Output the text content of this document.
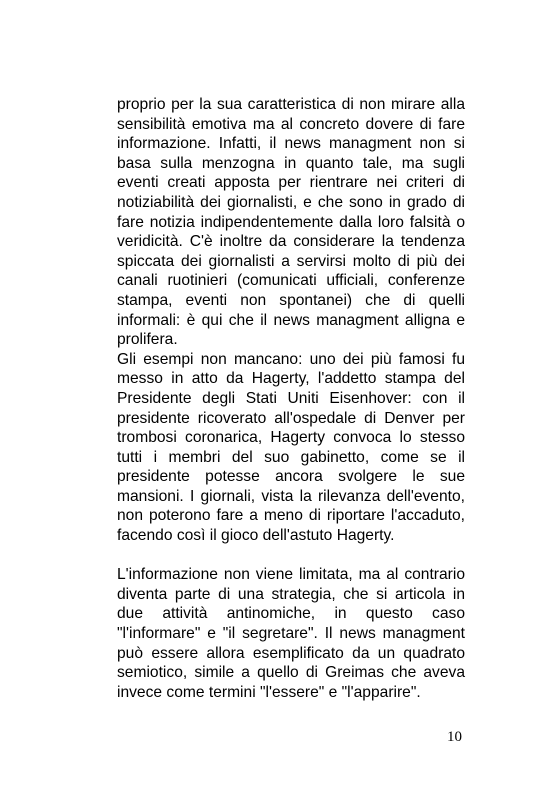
proprio per la sua caratteristica di non mirare alla sensibilità emotiva ma al concreto dovere di fare informazione. Infatti, il news managment non si basa sulla menzogna in quanto tale, ma sugli eventi creati apposta per rientrare nei criteri di notiziabilità dei giornalisti, e che sono in grado di fare notizia indipendentemente dalla loro falsità o veridicità. C'è inoltre da considerare la tendenza spiccata dei giornalisti a servirsi molto di più dei canali ruotinieri (comunicati ufficiali, conferenze stampa, eventi non spontanei) che di quelli informali: è qui che il news managment alligna e prolifera.

Gli esempi non mancano: uno dei più famosi fu messo in atto da Hagerty, l'addetto stampa del Presidente degli Stati Uniti Eisenhover: con il presidente ricoverato all'ospedale di Denver per trombosi coronarica, Hagerty convoca lo stesso tutti i membri del suo gabinetto, come se il presidente potesse ancora svolgere le sue mansioni. I giornali, vista la rilevanza dell'evento, non poterono fare a meno di riportare l'accaduto, facendo così il gioco dell'astuto Hagerty.

L'informazione non viene limitata, ma al contrario diventa parte di una strategia, che si articola in due attività antinomiche, in questo caso "l'informare" e "il segretare". Il news managment può essere allora esemplificato da un quadrato semiotico, simile a quello di Greimas che aveva invece come termini "l'essere" e "l'apparire".

10
